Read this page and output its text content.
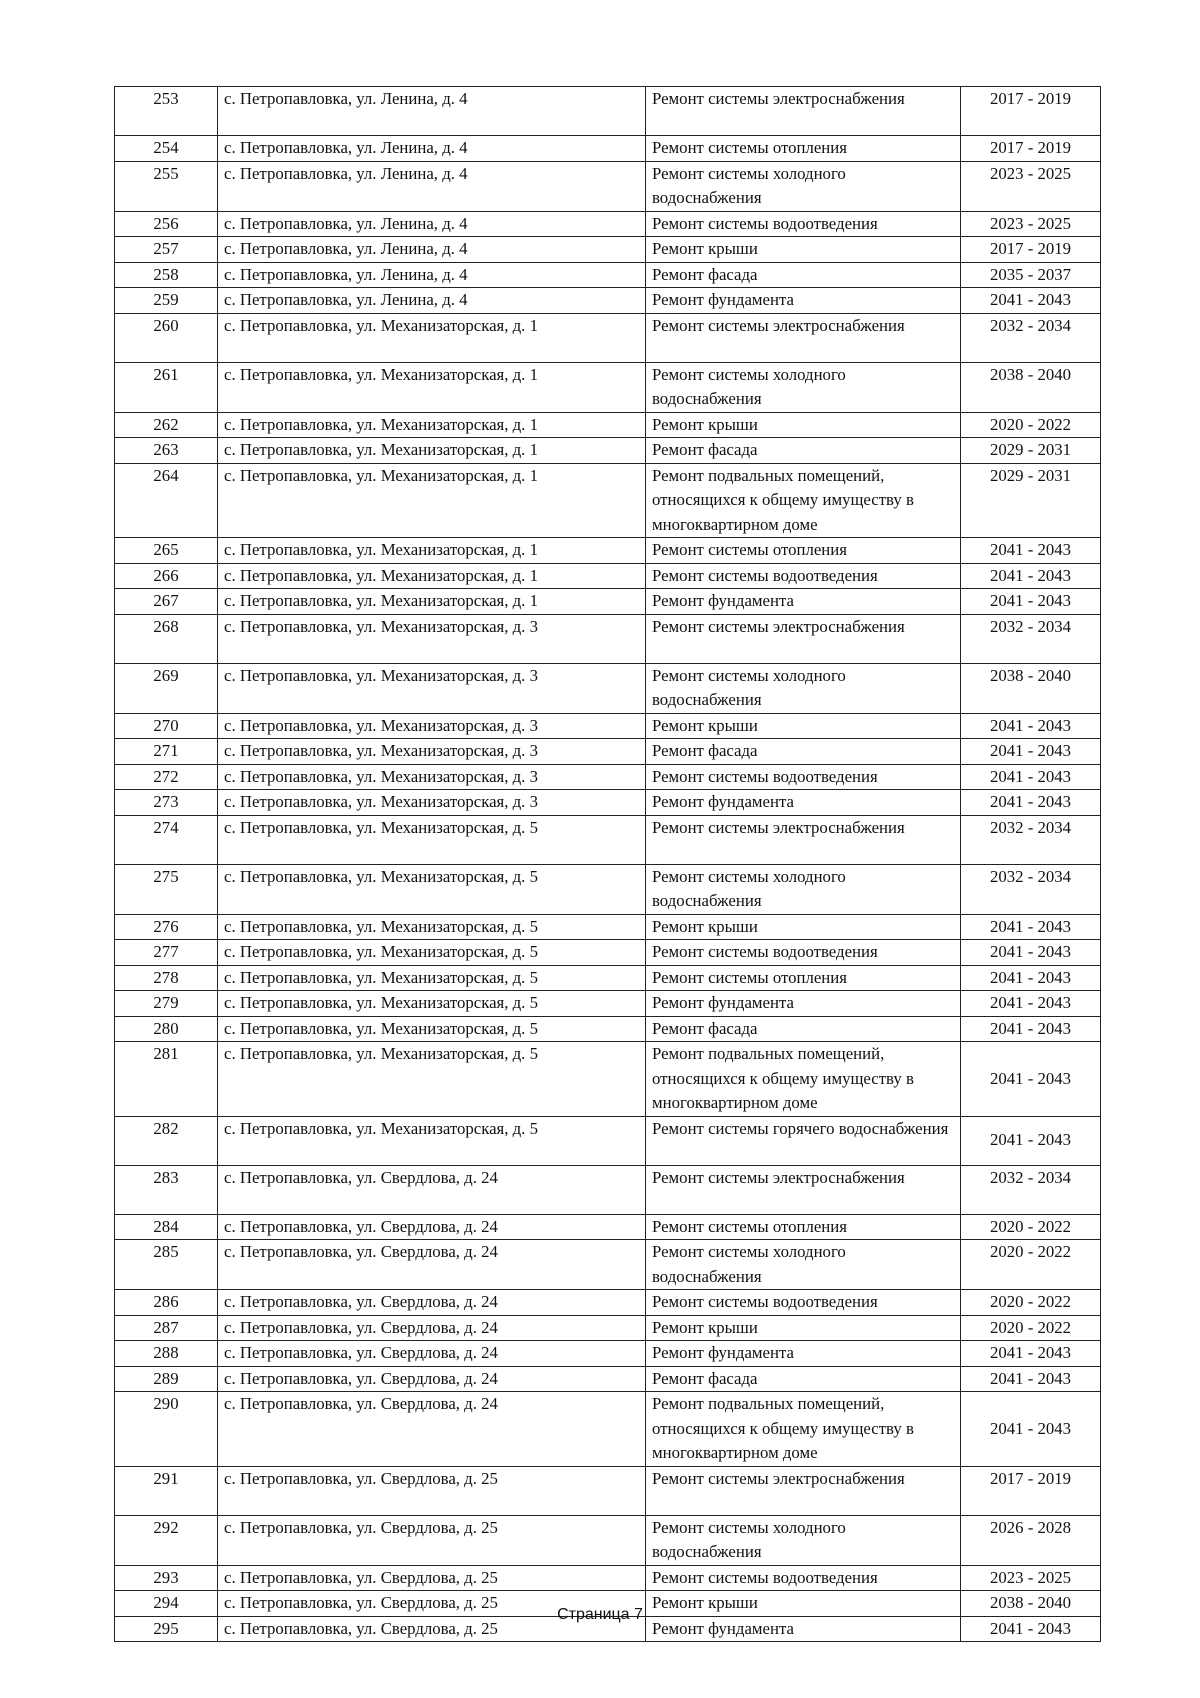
253	с. Петропавловка, ул. Ленина, д. 4	Ремонт системы электроснабжения	2017 - 2019
254	с. Петропавловка, ул. Ленина, д. 4	Ремонт системы отопления	2017 - 2019
255	с. Петропавловка, ул. Ленина, д. 4	Ремонт системы холодного водоснабжения	2023 - 2025
256	с. Петропавловка, ул. Ленина, д. 4	Ремонт системы водоотведения	2023 - 2025
257	с. Петропавловка, ул. Ленина, д. 4	Ремонт крыши	2017 - 2019
258	с. Петропавловка, ул. Ленина, д. 4	Ремонт фасада	2035 - 2037
259	с. Петропавловка, ул. Ленина, д. 4	Ремонт фундамента	2041 - 2043
260	с. Петропавловка, ул. Механизаторская, д. 1	Ремонт системы электроснабжения	2032 - 2034
261	с. Петропавловка, ул. Механизаторская, д. 1	Ремонт системы холодного водоснабжения	2038 - 2040
262	с. Петропавловка, ул. Механизаторская, д. 1	Ремонт крыши	2020 - 2022
263	с. Петропавловка, ул. Механизаторская, д. 1	Ремонт фасада	2029 - 2031
264	с. Петропавловка, ул. Механизаторская, д. 1	Ремонт подвальных помещений, относящихся к общему имуществу в многоквартирном доме	2029 - 2031
265	с. Петропавловка, ул. Механизаторская, д. 1	Ремонт системы отопления	2041 - 2043
266	с. Петропавловка, ул. Механизаторская, д. 1	Ремонт системы водоотведения	2041 - 2043
267	с. Петропавловка, ул. Механизаторская, д. 1	Ремонт фундамента	2041 - 2043
268	с. Петропавловка, ул. Механизаторская, д. 3	Ремонт системы электроснабжения	2032 - 2034
269	с. Петропавловка, ул. Механизаторская, д. 3	Ремонт системы холодного водоснабжения	2038 - 2040
270	с. Петропавловка, ул. Механизаторская, д. 3	Ремонт крыши	2041 - 2043
271	с. Петропавловка, ул. Механизаторская, д. 3	Ремонт фасада	2041 - 2043
272	с. Петропавловка, ул. Механизаторская, д. 3	Ремонт системы водоотведения	2041 - 2043
273	с. Петропавловка, ул. Механизаторская, д. 3	Ремонт фундамента	2041 - 2043
274	с. Петропавловка, ул. Механизаторская, д. 5	Ремонт системы электроснабжения	2032 - 2034
275	с. Петропавловка, ул. Механизаторская, д. 5	Ремонт системы холодного водоснабжения	2032 - 2034
276	с. Петропавловка, ул. Механизаторская, д. 5	Ремонт крыши	2041 - 2043
277	с. Петропавловка, ул. Механизаторская, д. 5	Ремонт системы водоотведения	2041 - 2043
278	с. Петропавловка, ул. Механизаторская, д. 5	Ремонт системы отопления	2041 - 2043
279	с. Петропавловка, ул. Механизаторская, д. 5	Ремонт фундамента	2041 - 2043
280	с. Петропавловка, ул. Механизаторская, д. 5	Ремонт фасада	2041 - 2043
281	с. Петропавловка, ул. Механизаторская, д. 5	Ремонт подвальных помещений, относящихся к общему имуществу в многоквартирном доме	2041 - 2043
282	с. Петропавловка, ул. Механизаторская, д. 5	Ремонт системы горячего водоснабжения	2041 - 2043
283	с. Петропавловка, ул. Свердлова, д. 24	Ремонт системы электроснабжения	2032 - 2034
284	с. Петропавловка, ул. Свердлова, д. 24	Ремонт системы отопления	2020 - 2022
285	с. Петропавловка, ул. Свердлова, д. 24	Ремонт системы холодного водоснабжения	2020 - 2022
286	с. Петропавловка, ул. Свердлова, д. 24	Ремонт системы водоотведения	2020 - 2022
287	с. Петропавловка, ул. Свердлова, д. 24	Ремонт крыши	2020 - 2022
288	с. Петропавловка, ул. Свердлова, д. 24	Ремонт фундамента	2041 - 2043
289	с. Петропавловка, ул. Свердлова, д. 24	Ремонт фасада	2041 - 2043
290	с. Петропавловка, ул. Свердлова, д. 24	Ремонт подвальных помещений, относящихся к общему имуществу в многоквартирном доме	2041 - 2043
291	с. Петропавловка, ул. Свердлова, д. 25	Ремонт системы электроснабжения	2017 - 2019
292	с. Петропавловка, ул. Свердлова, д. 25	Ремонт системы холодного водоснабжения	2026 - 2028
293	с. Петропавловка, ул. Свердлова, д. 25	Ремонт системы водоотведения	2023 - 2025
294	с. Петропавловка, ул. Свердлова, д. 25	Ремонт крыши	2038 - 2040
295	с. Петропавловка, ул. Свердлова, д. 25	Ремонт фундамента	2041 - 2043
Страница 7
